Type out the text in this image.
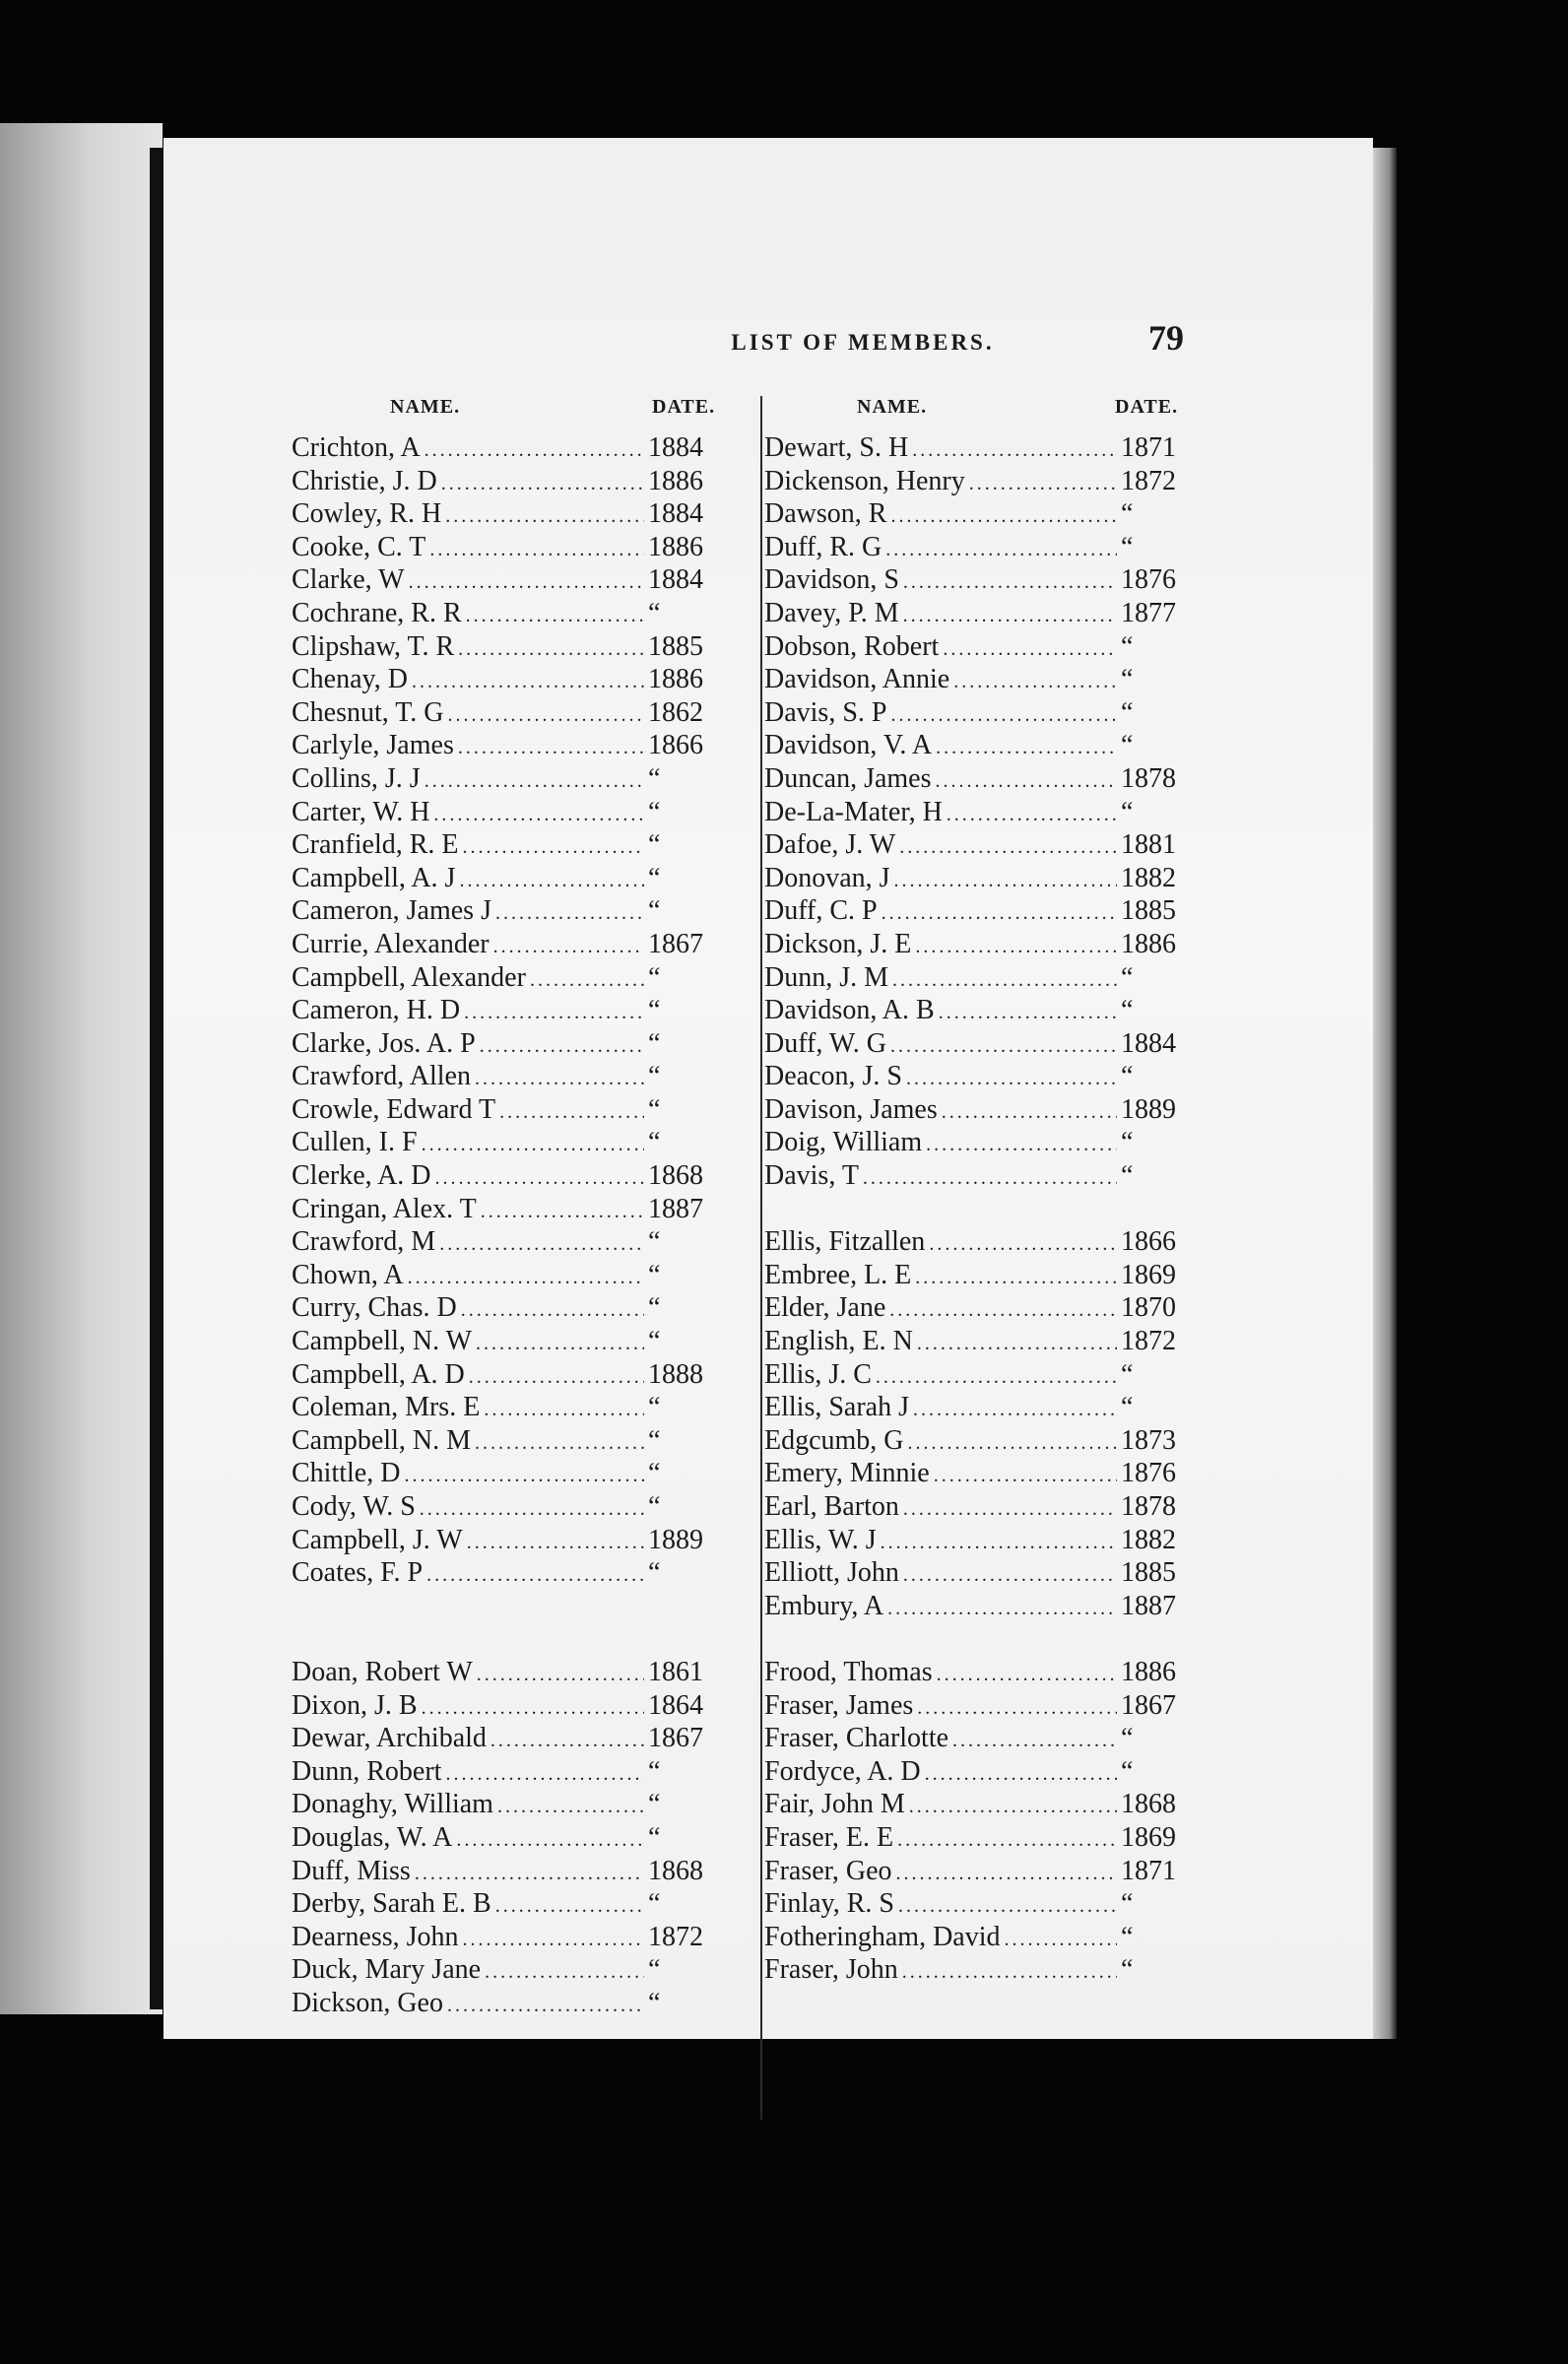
LIST OF MEMBERS.	79
NAME.	DATE.	NAME.	DATE.
Crichton, A .....	1884
Christie, J. D .....	1886
Cowley, R. H .....	1884
Cooke, C. T .....	1886
Clarke, W .....	1884
Cochrane, R. R .....	“
Clipshaw, T. R .....	1885
Chenay, D .....	1886
Chesnut, T. G .....	1862
Carlyle, James .....	1866
Collins, J. J .....	“
Carter, W. H .....	“
Cranfield, R. E .....	“
Campbell, A. J .....	“
Cameron, James J .....	“
Currie, Alexander .....	1867
Campbell, Alexander .....	“
Cameron, H. D .....	“
Clarke, Jos. A. P .....	“
Crawford, Allen .....	“
Crowle, Edward T .....	“
Cullen, I. F .....	“
Clerke, A. D .....	1868
Cringan, Alex. T .....	1887
Crawford, M .....	“
Chown, A .....	“
Curry, Chas. D .....	“
Campbell, N. W .....	“
Campbell, A. D .....	1888
Coleman, Mrs. E .....	“
Campbell, N. M .....	“
Chittle, D .....	“
Cody, W. S .....	“
Campbell, J. W .....	1889
Coates, F. P .....	“
Doan, Robert W .....	1861
Dixon, J. B .....	1864
Dewar, Archibald .....	1867
Dunn, Robert .....	“
Donaghy, William .....	“
Douglas, W. A .....	“
Duff, Miss .....	1868
Derby, Sarah E. B .....	“
Dearness, John .....	1872
Duck, Mary Jane .....	“
Dickson, Geo .....	“
Dewart, S. H .....	1871
Dickenson, Henry .....	1872
Dawson, R .....	“
Duff, R. G .....	“
Davidson, S .....	1876
Davey, P. M .....	1877
Dobson, Robert .....	“
Davidson, Annie .....	“
Davis, S. P .....	“
Davidson, V. A .....	“
Duncan, James .....	1878
De-La-Mater, H .....	“
Dafoe, J. W .....	1881
Donovan, J .....	1882
Duff, C. P .....	1885
Dickson, J. E .....	1886
Dunn, J. M .....	“
Davidson, A. B .....	“
Duff, W. G .....	1884
Deacon, J. S .....	“
Davison, James .....	1889
Doig, William .....	“
Davis, T .....	“
Ellis, Fitzallen .....	1866
Embree, L. E .....	1869
Elder, Jane .....	1870
English, E. N .....	1872
Ellis, J. C .....	“
Ellis, Sarah J .....	“
Edgcumb, G .....	1873
Emery, Minnie .....	1876
Earl, Barton .....	1878
Ellis, W. J .....	1882
Elliott, John .....	1885
Embury, A .....	1887
Frood, Thomas .....	1886
Fraser, James .....	1867
Fraser, Charlotte .....	“
Fordyce, A. D .....	“
Fair, John M .....	1868
Fraser, E. E .....	1869
Fraser, Geo .....	1871
Finlay, R. S .....	“
Fotheringham, David .....	“
Fraser, John .....	“
